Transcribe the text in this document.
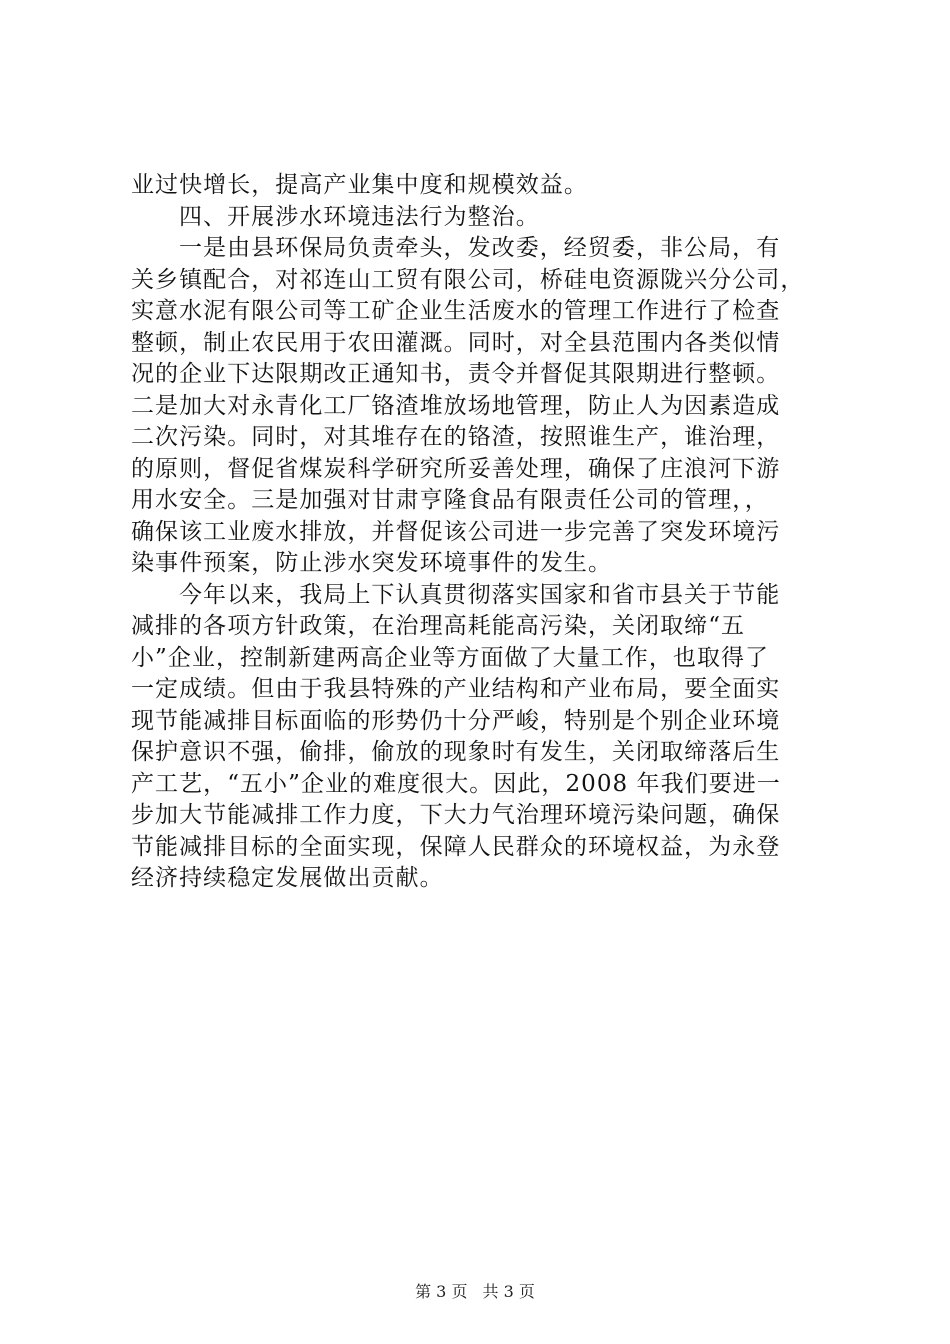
业过快增长，提高产业集中度和规模效益。
四、开展涉水环境违法行为整治。
一是由县环保局负责牵头，发改委，经贸委，非公局，有
关乡镇配合，对祁连山工贸有限公司，桥硅电资源陇兴分公司，
实意水泥有限公司等工矿企业生活废水的管理工作进行了检查
整顿，制止农民用于农田灌溉。同时，对全县范围内各类似情
况的企业下达限期改正通知书，责令并督促其限期进行整顿。
二是加大对永青化工厂铬渣堆放场地管理，防止人为因素造成
二次污染。同时，对其堆存在的铬渣，按照谁生产，谁治理，
的原则，督促省煤炭科学研究所妥善处理，确保了庄浪河下游
用水安全。三是加强对甘肃亨隆食品有限责任公司的管理，，
确保该工业废水排放，并督促该公司进一步完善了突发环境污
染事件预案，防止涉水突发环境事件的发生。
今年以来，我局上下认真贯彻落实国家和省市县关于节能
减排的各项方针政策，在治理高耗能高污染，关闭取缔“五
小”企业，控制新建两高企业等方面做了大量工作，也取得了
一定成绩。但由于我县特殊的产业结构和产业布局，要全面实
现节能减排目标面临的形势仍十分严峻，特别是个别企业环境
保护意识不强，偷排，偷放的现象时有发生，关闭取缔落后生
产工艺，“五小”企业的难度很大。因此，2008 年我们要进一
步加大节能减排工作力度，下大力气治理环境污染问题，确保
节能减排目标的全面实现，保障人民群众的环境权益，为永登
经济持续稳定发展做出贡献。
第 3 页 共 3 页
